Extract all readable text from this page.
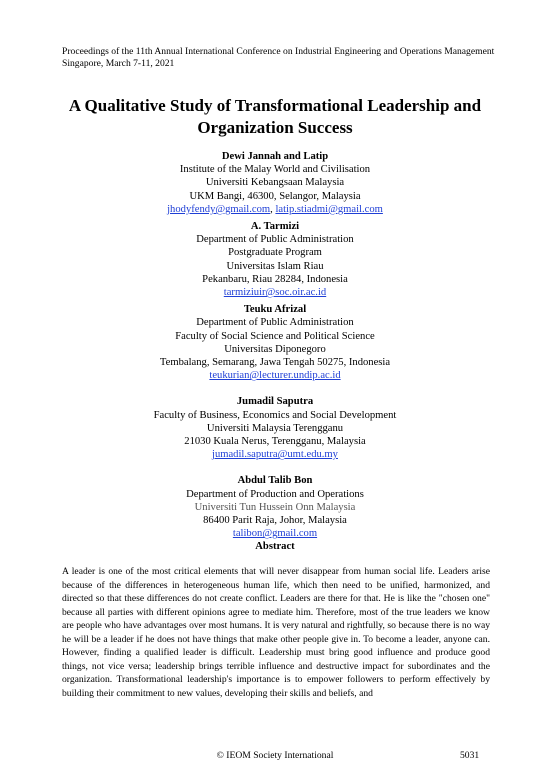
Proceedings of the 11th Annual International Conference on Industrial Engineering and Operations Management
Singapore, March 7-11, 2021
A Qualitative Study of Transformational Leadership and
Organization Success
Dewi Jannah and Latip
Institute of the Malay World and Civilisation
Universiti Kebangsaan Malaysia
UKM Bangi, 46300, Selangor, Malaysia
jhodyfendy@gmail.com, latip.stiadmi@gmail.com
A. Tarmizi
Department of Public Administration
Postgraduate Program
Universitas Islam Riau
Pekanbaru, Riau 28284, Indonesia
tarmiziuir@soc.oir.ac.id
Teuku Afrizal
Department of Public Administration
Faculty of Social Science and Political Science
Universitas Diponegoro
Tembalang, Semarang, Jawa Tengah 50275, Indonesia
teukurian@lecturer.undip.ac.id
Jumadil Saputra
Faculty of Business, Economics and Social Development
Universiti Malaysia Terengganu
21030 Kuala Nerus, Terengganu, Malaysia
jumadil.saputra@umt.edu.my
Abdul Talib Bon
Department of Production and Operations
Universiti Tun Hussein Onn Malaysia
86400 Parit Raja, Johor, Malaysia
talibon@gmail.com
Abstract
A leader is one of the most critical elements that will never disappear from human social life. Leaders arise because of the differences in heterogeneous human life, which then need to be unified, harmonized, and directed so that these differences do not create conflict. Leaders are there for that. He is like the "chosen one" because all parties with different opinions agree to mediate him. Therefore, most of the true leaders we know are people who have advantages over most humans. It is very natural and rightfully, so because there is no way he will be a leader if he does not have things that make other people give in. To become a leader, anyone can. However, finding a qualified leader is difficult. Leadership must bring good influence and produce good things, not vice versa; leadership brings terrible influence and destructive impact for subordinates and the organization. Transformational leadership's importance is to empower followers to perform effectively by building their commitment to new values, developing their skills and beliefs, and
© IEOM Society International	5031
